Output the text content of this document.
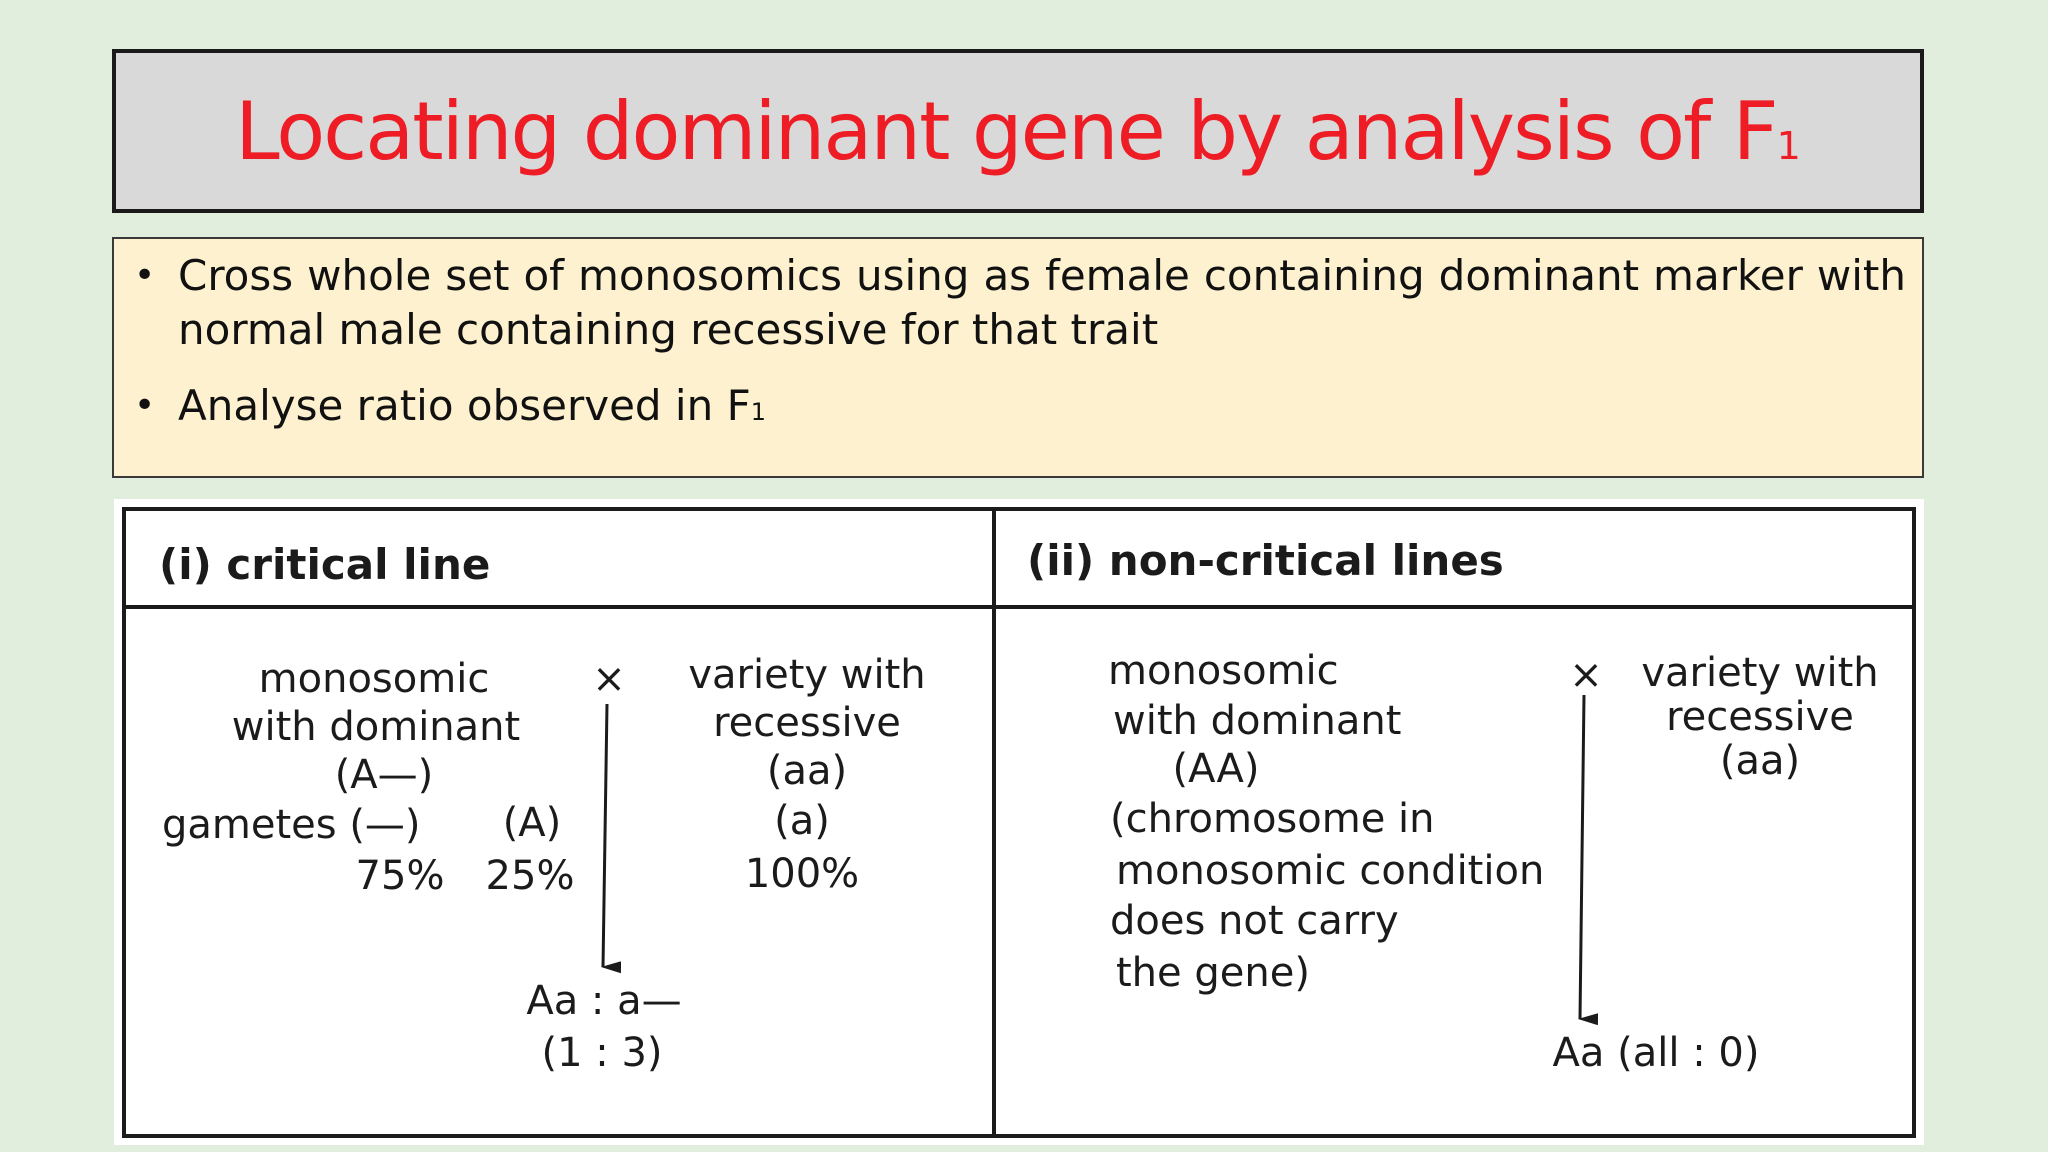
Locating dominant gene by analysis of F1
• Cross whole set of monosomics using as female containing dominant marker with normal male containing recessive for that trait
• Analyse ratio observed in F1
(i) critical line
monosomic
with dominant
(A—)
× variety with
recessive
(aa)
gametes (—) (A)	(a)
75% 25%	100%
Aa : a—
(1 : 3)
(ii) non-critical lines
monosomic
with dominant
(AA)
(chromosome in
monosomic condition
does not carry
the gene)
× variety with
recessive
(aa)
Aa (all : 0)
